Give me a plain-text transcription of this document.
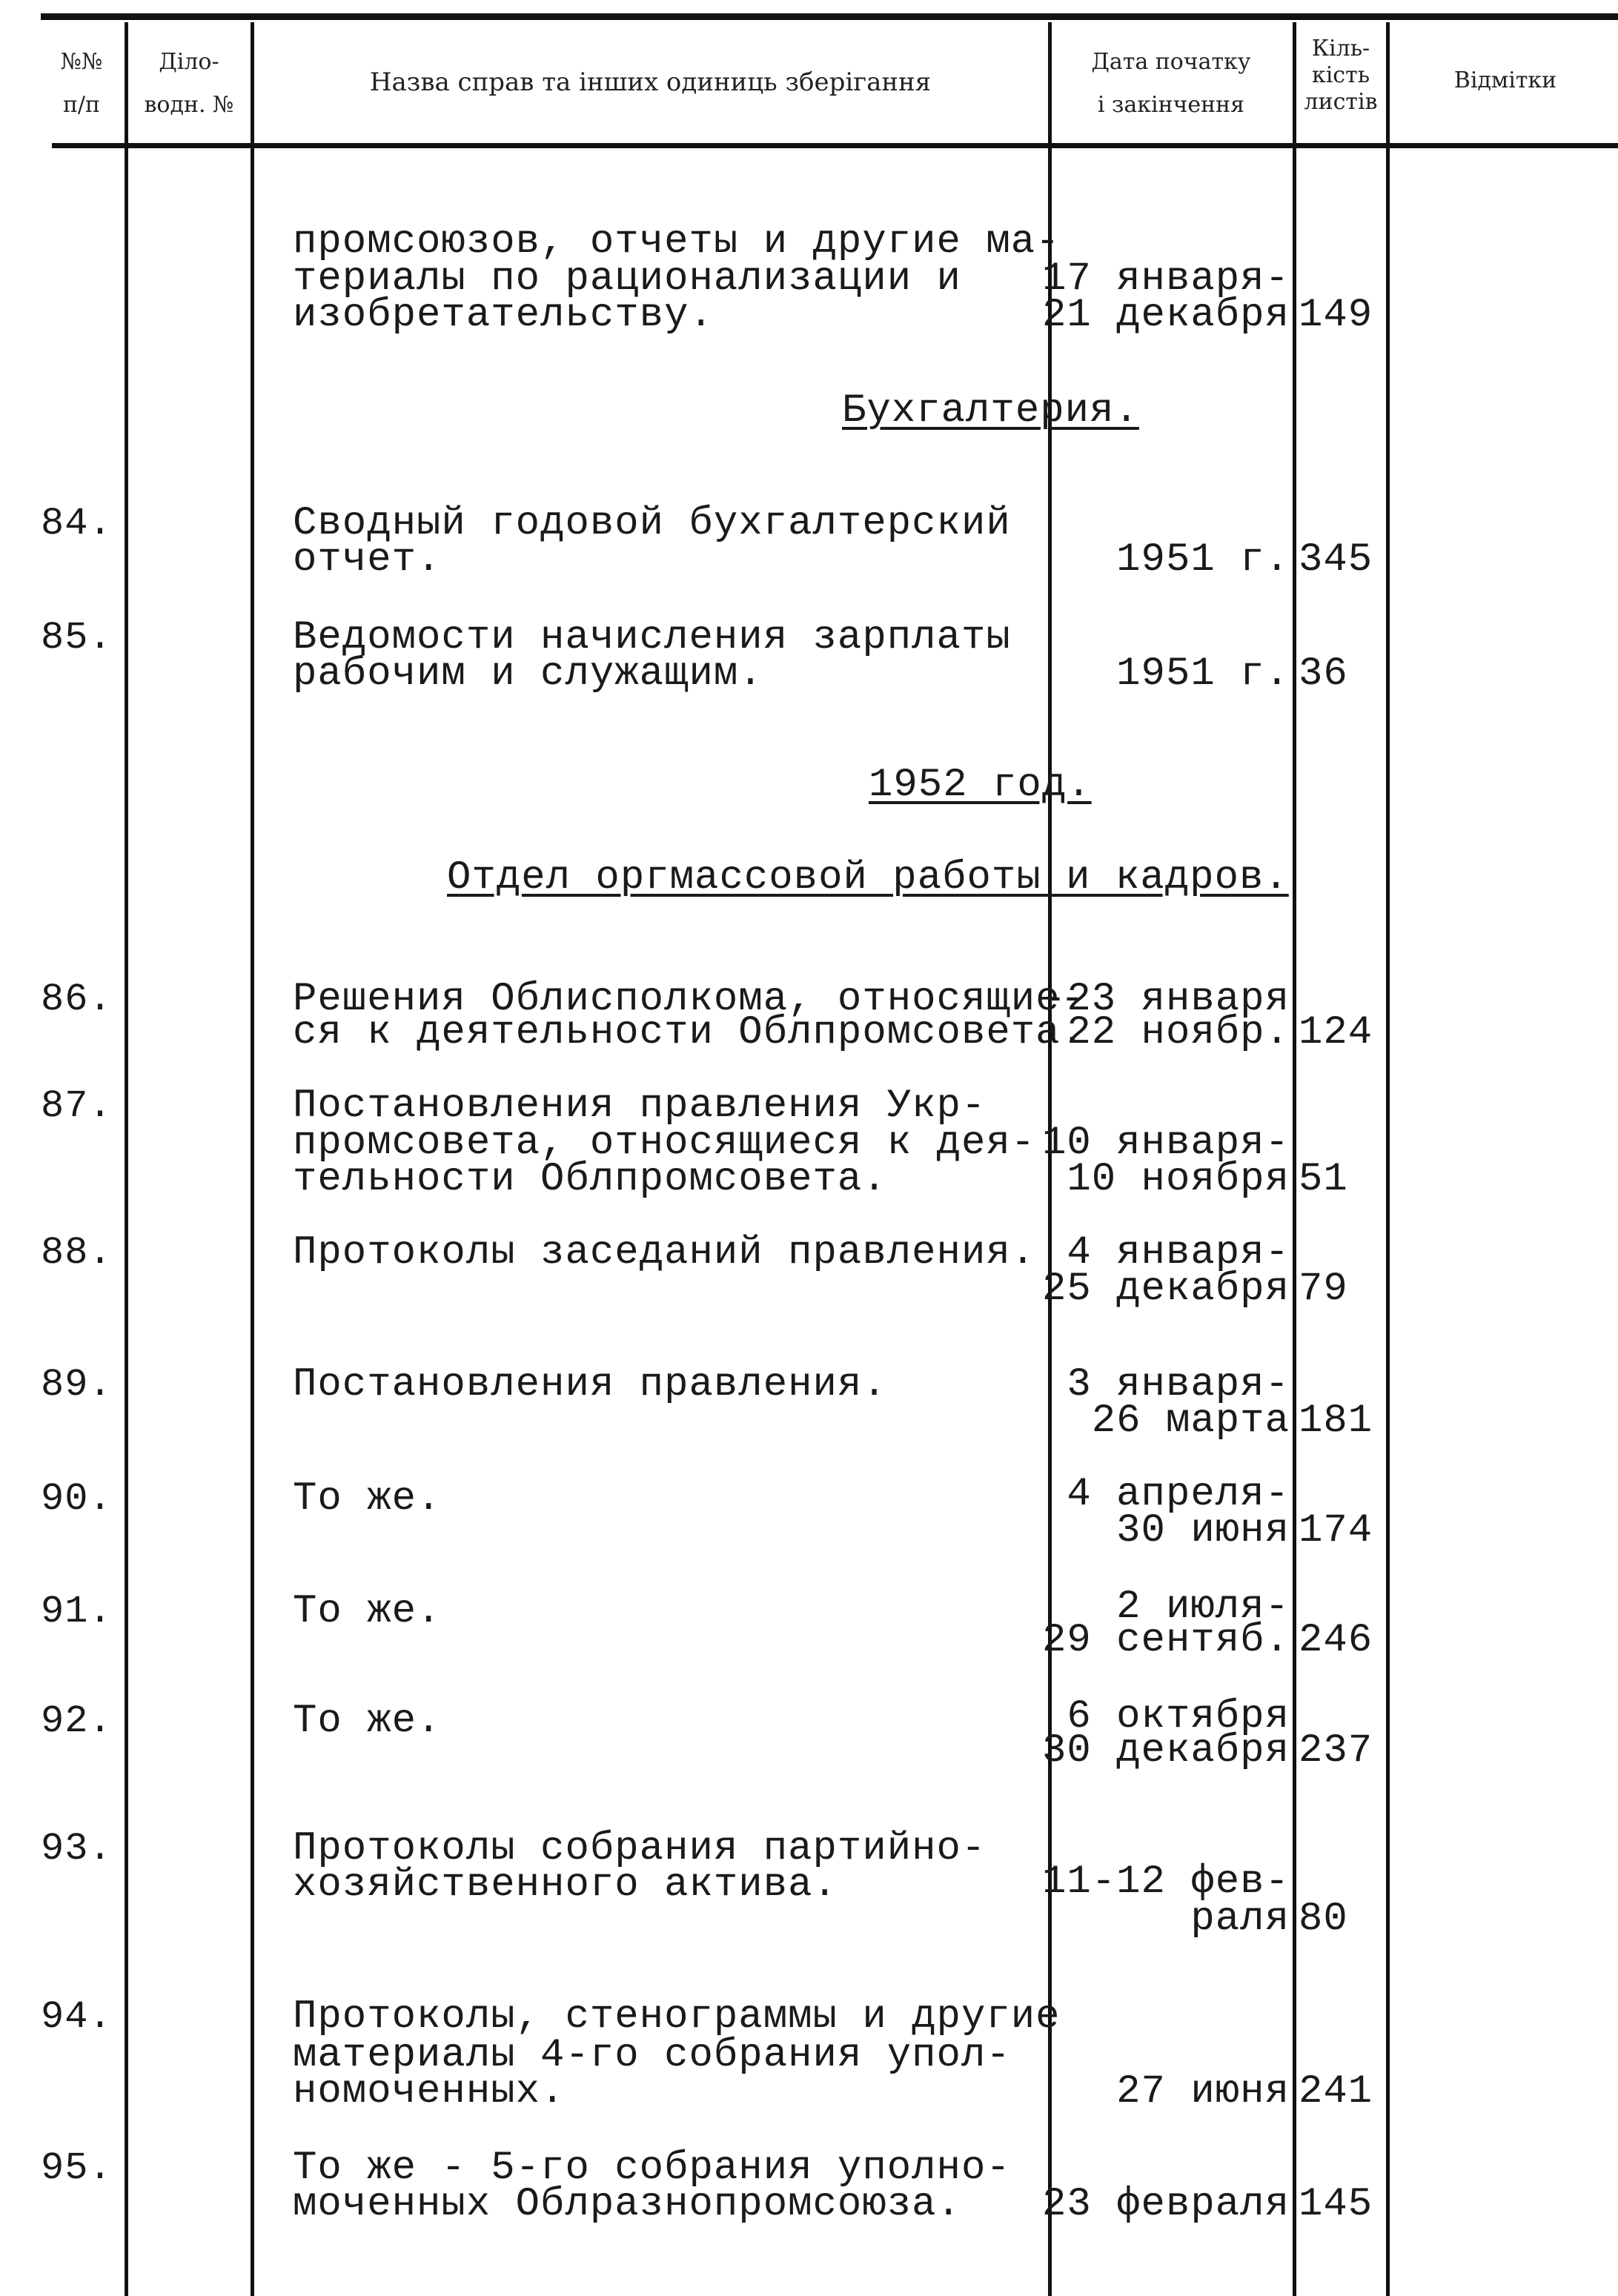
№№
п/п
Діло-
водн. №
Назва справ та інших одиниць зберігання
Дата початку
і закінчення
Кіль-
кість
листів
Відмітки
Бухгалтерия.
1952 год.
Отдел оргмассовой работы и кадров.
промсоюзов, отчеты и другие ма-
териалы по рационализации и
изобретательству.
17 января-
21 декабря 149
84.	Сводный годовой бухгалтерский
отчет.	1951 г. 345
85.	Ведомости начисления зарплаты
рабочим и служащим.	1951 г. 36
86.	Решения Облисполкома, относящие-
ся к деятельности Облпромсовета.
-23 января
22 ноябр. 124
87.	Постановления правления Укр-
промсовета, относящиеся к дея-
тельности Облпромсовета.
10 января-
10 ноября 51
88.	Протоколы заседаний правления. 4 января-
25 декабря 79
89.	Постановления правления.	3 января-
26 марта 181
90.	То же.	4 апреля-
30 июня 174
91.	То же.	2 июля-
29 сентяб. 246
92.	То же.	6 октября
30 декабря 237
93.	Протоколы собрания партийно-
хозяйственного актива.	11-12 фев-
раля 80
94.	Протоколы, стенограммы и другие
материалы 4-го собрания упол-
номоченных.	27 июня 241
95.	То же - 5-го собрания уполно-
моченных Облразнопромсоюза.	23 февраля 145
